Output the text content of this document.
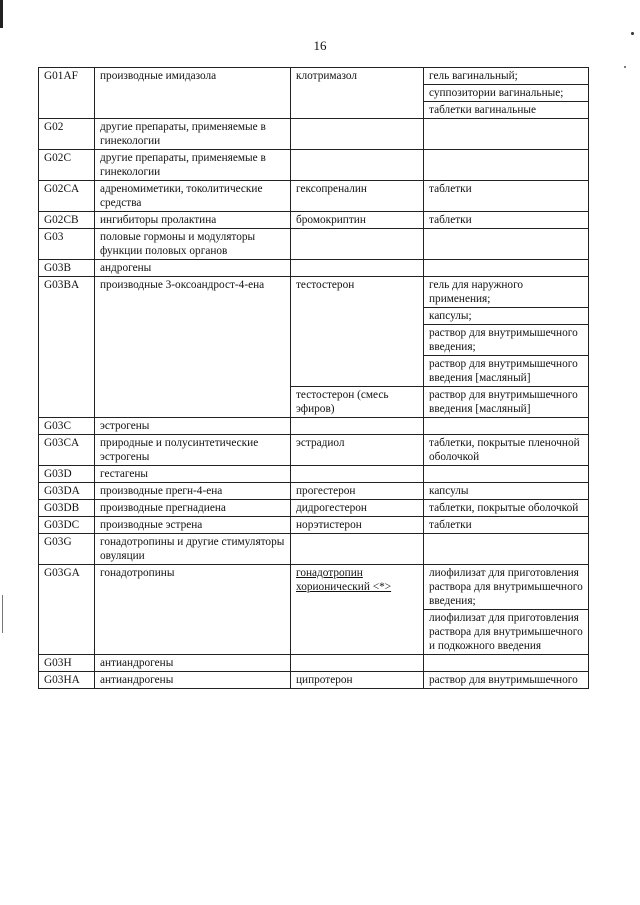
16
G01AF	производные имидазола	клотримазол	гель вагинальный;
			суппозитории вагинальные;
			таблетки вагинальные
G02	другие препараты, применяемые в гинекологии		
G02C	другие препараты, применяемые в гинекологии		
G02CA	адреномиметики, токолитические средства	гексопреналин	таблетки
G02CB	ингибиторы пролактина	бромокриптин	таблетки
G03	половые гормоны и модуляторы функции половых органов		
G03B	андрогены		
G03BA	производные 3-оксоандрост-4-ена	тестостерон	гель для наружного применения;
			капсулы;
			раствор для внутримышечного введения;
			раствор для внутримышечного введения [масляный]
		тестостерон (смесь эфиров)	раствор для внутримышечного введения [масляный]
G03C	эстрогены		
G03CA	природные и полусинтетические эстрогены	эстрадиол	таблетки, покрытые пленочной оболочкой
G03D	гестагены		
G03DA	производные прегн-4-ена	прогестерон	капсулы
G03DB	производные прегнадиена	дидрогестерон	таблетки, покрытые оболочкой
G03DC	производные эстрена	норэтистерон	таблетки
G03G	гонадотропины и другие стимуляторы овуляции		
G03GA	гонадотропины	гонадотропин хорионический <*>	лиофилизат для приготовления раствора для внутримышечного введения;
			лиофилизат для приготовления раствора для внутримышечного и подкожного введения
G03H	антиандрогены		
G03HA	антиандрогены	ципротерон	раствор для внутримышечного
